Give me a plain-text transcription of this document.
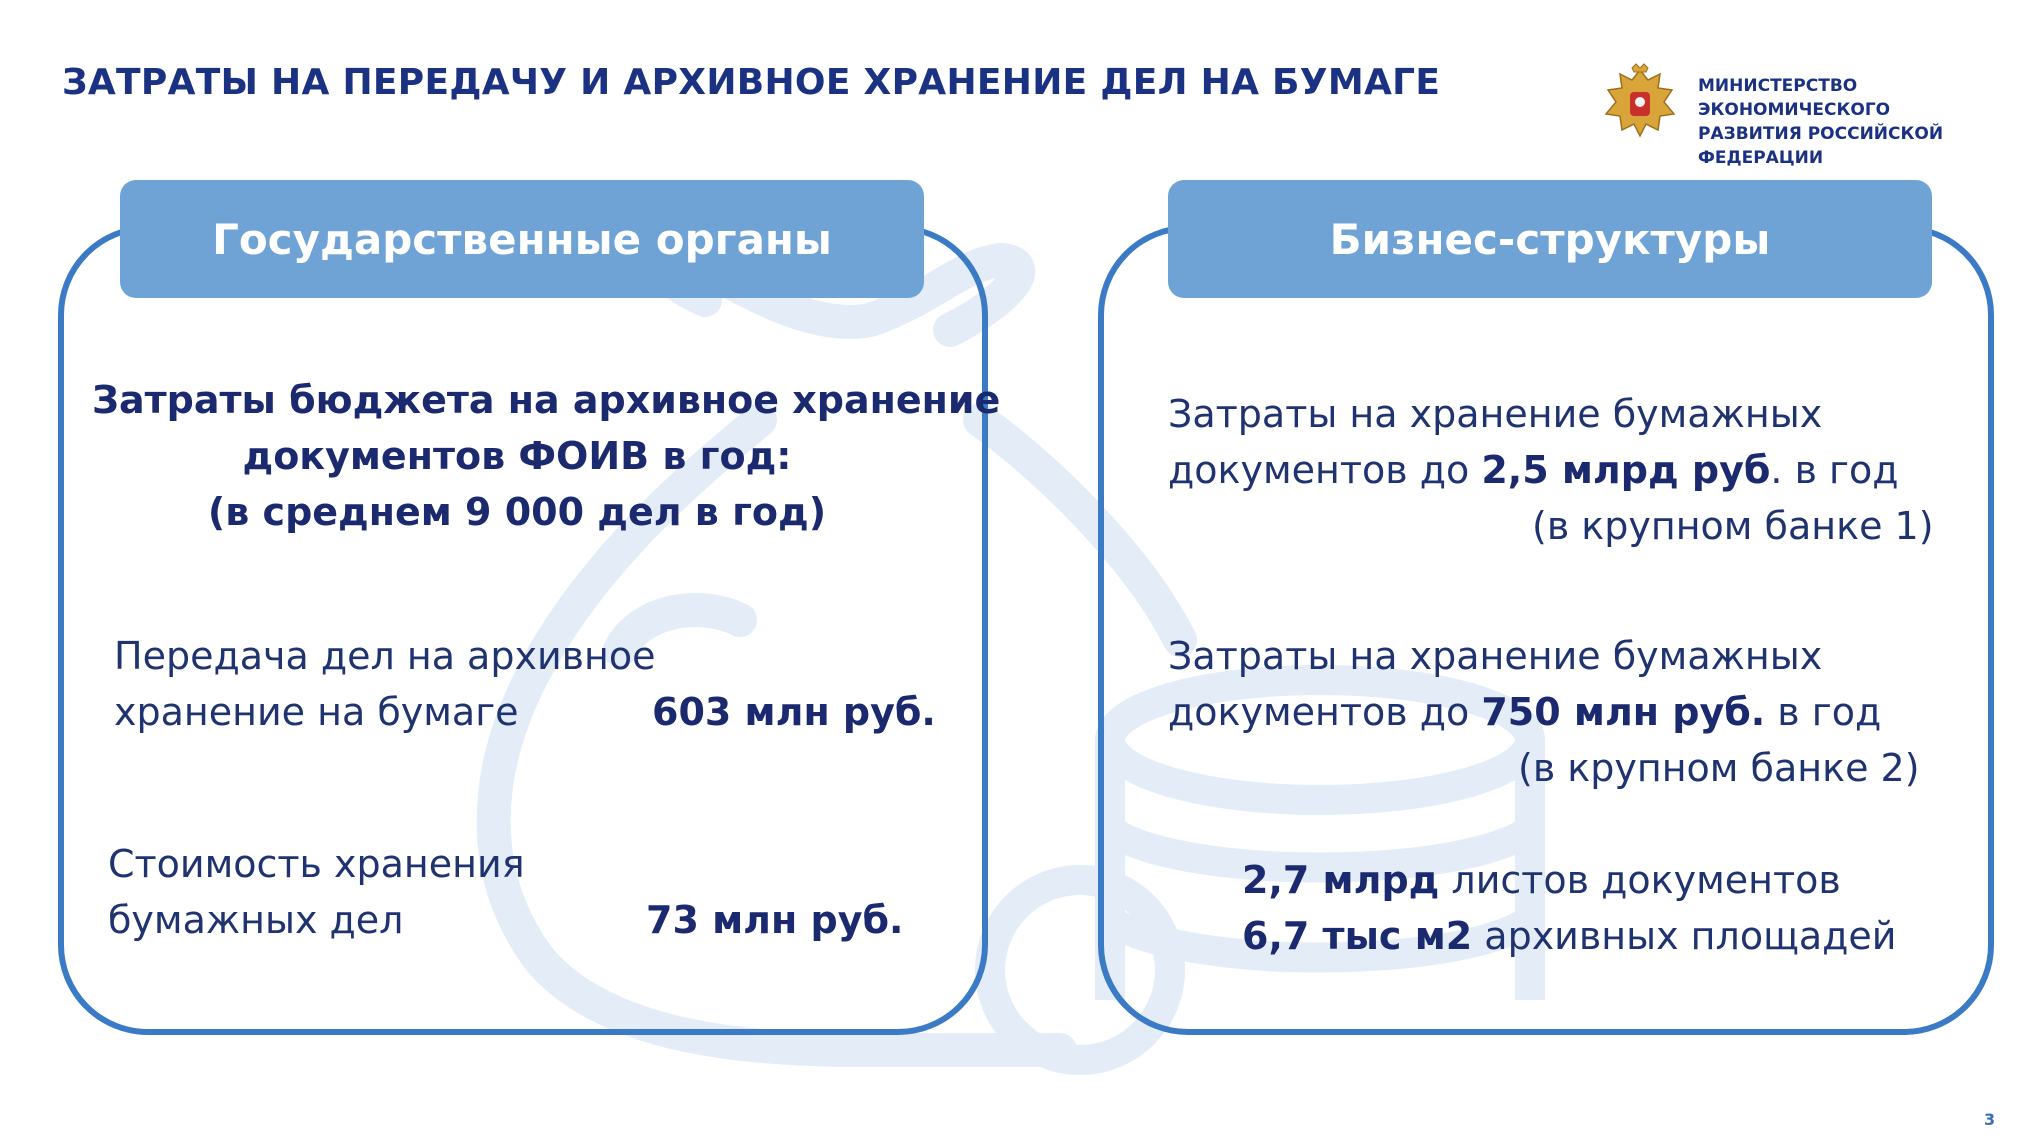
ЗАТРАТЫ НА ПЕРЕДАЧУ И АРХИВНОЕ ХРАНЕНИЕ ДЕЛ НА БУМАГЕ	МИНИСТЕРСТВО ЭКОНОМИЧЕСКОГО
РАЗВИТИЯ РОССИЙСКОЙ ФЕДЕРАЦИИ
Государственные органы
Затраты бюджета на архивное хранение
документов ФОИВ в год:
(в среднем 9 000 дел в год)
Передача дел на архивное
хранение на бумаге	603 млн руб.
Стоимость хранения
бумажных дел	73 млн руб.
Бизнес-структуры
Затраты на хранение бумажных
документов до 2,5 млрд руб. в год
(в крупном банке 1)
Затраты на хранение бумажных
документов до 750 млн руб. в год
(в крупном банке 2)
2,7 млрд листов документов
6,7 тыс м2 архивных площадей
3
